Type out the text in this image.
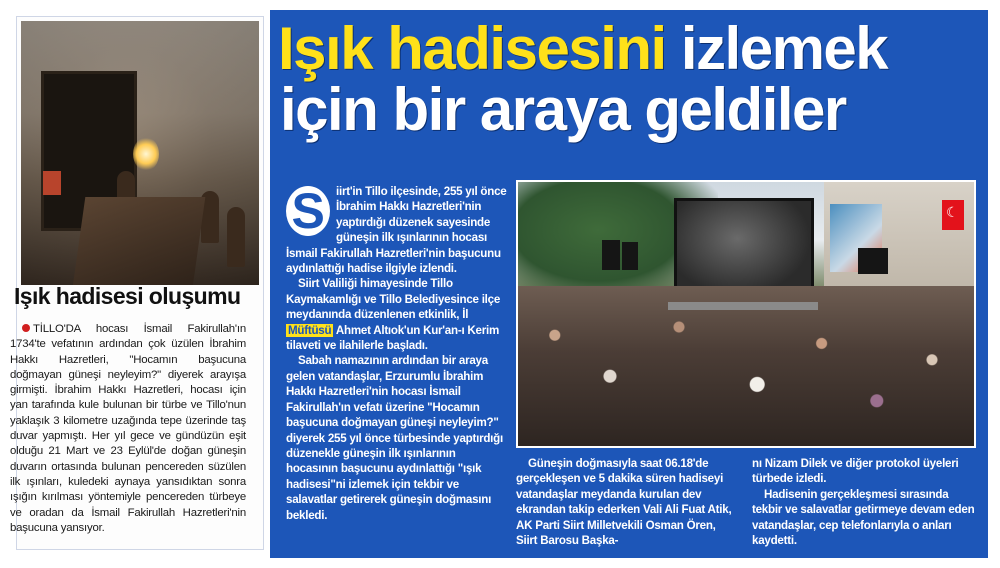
Işık hadisesi oluşumu
TİLLO'DA hocası İsmail Fakirullah'ın 1734'te vefatının ardından çok üzülen İbrahim Hakkı Hazretleri, "Hocamın başucuna doğmayan güneşi neyleyim?" diyerek arayışa girmişti. İbrahim Hakkı Hazretleri, hocası için yan tarafında kule bulunan bir türbe ve Tillo'nun yaklaşık 3 kilometre uzağında tepe üzerinde taş duvar yapmıştı. Her yıl gece ve gündüzün eşit olduğu 21 Mart ve 23 Eylül'de doğan güneşin duvarın ortasında bulunan pencereden süzülen ilk ışınları, kuledeki aynaya yansıdıktan sonra ışığın kırılması yöntemiyle pencereden türbeye ve oradan da İsmail Fakirullah Hazretleri'nin başucuna yansıyor.
Işık hadisesini izlemek
için bir araya geldiler
S iirt'in Tillo ilçesinde, 255 yıl önce İbrahim Hakkı Hazretleri'nin yaptırdığı düzenek sayesinde güneşin ilk ışınlarının hocası İsmail Fakirullah Hazretleri'nin başucunu aydınlattığı hadise ilgiyle izlendi.

Siirt Valiliği himayesinde Tillo Kaymakamlığı ve Tillo Belediyesince ilçe meydanında düzenlenen etkinlik, İl Müftüsü Ahmet Altıok'un Kur'an-ı Kerim tilaveti ve ilahilerle başladı.

Sabah namazının ardından bir araya gelen vatandaşlar, Erzurumlu İbrahim Hakkı Hazretleri'nin hocası İsmail Fakirullah'ın vefatı üzerine "Hocamın başucuna doğmayan güneşi neyleyim?" diyerek 255 yıl önce türbesinde yaptırdığı düzenekle güneşin ilk ışınlarının hocasının başucunu aydınlattığı "ışık hadisesi"ni izlemek için tekbir ve salavatlar getirerek güneşin doğmasını bekledi.

☾

Güneşin doğmasıyla saat 06.18'de gerçekleşen ve 5 dakika süren hadiseyi vatandaşlar meydanda kurulan dev ekrandan takip ederken Vali Ali Fuat Atik, AK Parti Siirt Milletvekili Osman Ören, Siirt Barosu Başka-

nı Nizam Dilek ve diğer protokol üyeleri türbede izledi.

Hadisenin gerçekleşmesi sırasında tekbir ve salavatlar getirmeye devam eden vatandaşlar, cep telefonlarıyla o anları kaydetti.
